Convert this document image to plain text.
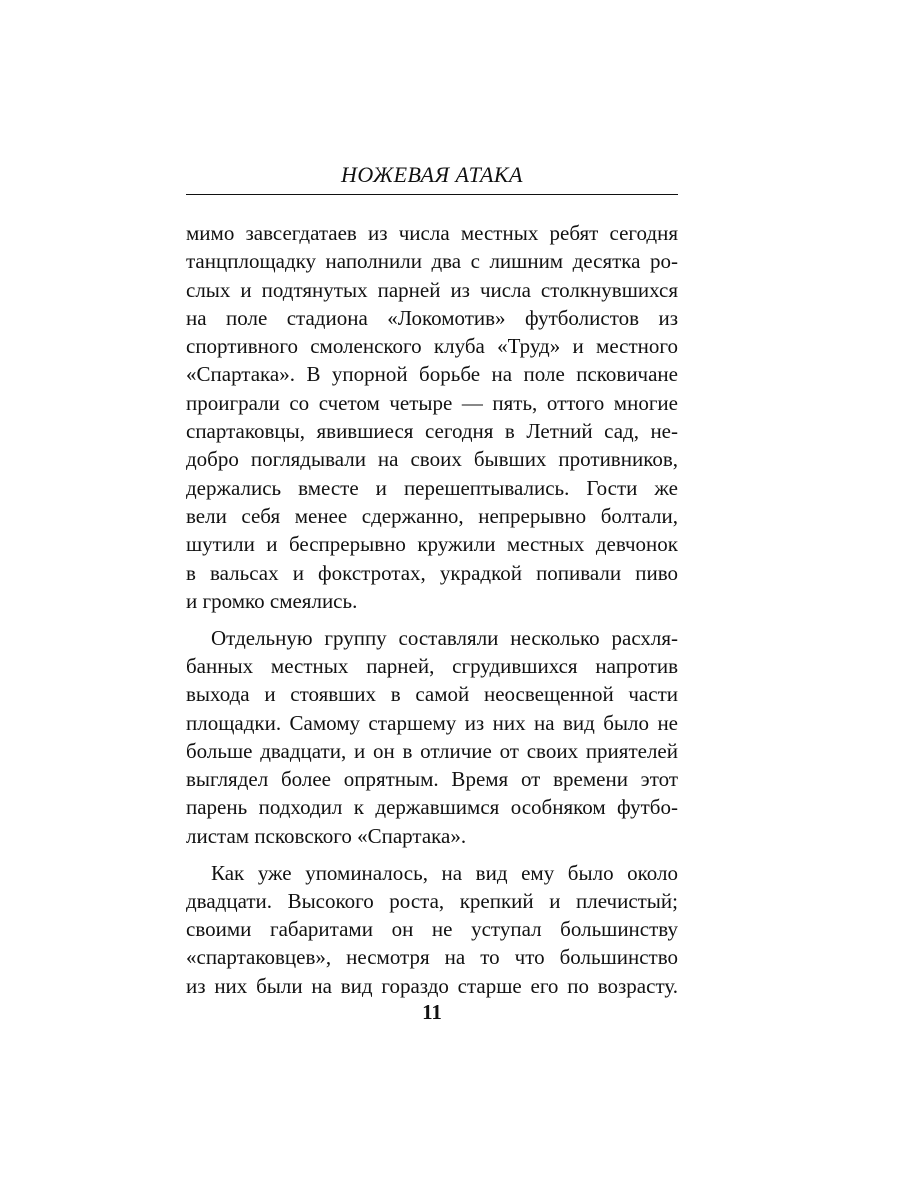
НОЖЕВАЯ АТАКА

мимо завсегдатаев из числа местных ребят сегодня
танцплощадку наполнили два с лишним десятка ро-
слых и подтянутых парней из числа столкнувшихся
на поле стадиона «Локомотив» футболистов из
спортивного смоленского клуба «Труд» и местного
«Спартака». В упорной борьбе на поле псковичане
проиграли со счетом четыре — пять, оттого многие
спартаковцы, явившиеся сегодня в Летний сад, не-
добро поглядывали на своих бывших противников,
держались вместе и перешептывались. Гости же
вели себя менее сдержанно, непрерывно болтали,
шутили и беспрерывно кружили местных девчонок
в вальсах и фокстротах, украдкой попивали пиво
и громко смеялись.

Отдельную группу составляли несколько расхля-
банных местных парней, сгрудившихся напротив
выхода и стоявших в самой неосвещенной части
площадки. Самому старшему из них на вид было не
больше двадцати, и он в отличие от своих приятелей
выглядел более опрятным. Время от времени этот
парень подходил к державшимся особняком футбо-
листам псковского «Спартака».

Как уже упоминалось, на вид ему было около
двадцати. Высокого роста, крепкий и плечистый;
своими габаритами он не уступал большинству
«спартаковцев», несмотря на то что большинство
из них были на вид гораздо старше его по возрасту.

11
